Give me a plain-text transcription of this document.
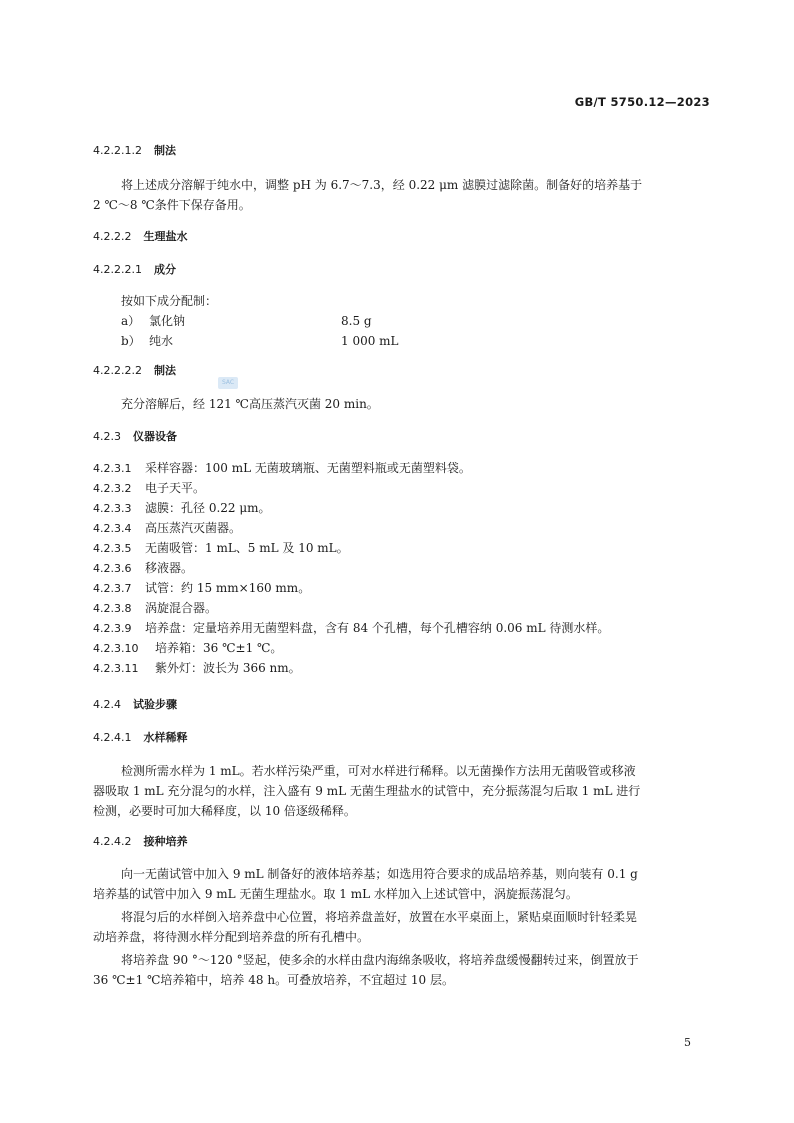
GB/T 5750.12—2023
4.2.2.1.2 制法
将上述成分溶解于纯水中，调整 pH 为 6.7～7.3，经 0.22 μm 滤膜过滤除菌。制备好的培养基于
2 ℃～8 ℃条件下保存备用。
4.2.2.2 生理盐水
4.2.2.2.1 成分
按如下成分配制：
a） 氯化钠	8.5 g
b） 纯水	1 000 mL
4.2.2.2.2 制法
SAC
充分溶解后，经 121 ℃高压蒸汽灭菌 20 min。
4.2.3 仪器设备
4.2.3.1 采样容器：100 mL 无菌玻璃瓶、无菌塑料瓶或无菌塑料袋。
4.2.3.2 电子天平。
4.2.3.3 滤膜：孔径 0.22 μm。
4.2.3.4 高压蒸汽灭菌器。
4.2.3.5 无菌吸管：1 mL、5 mL 及 10 mL。
4.2.3.6 移液器。
4.2.3.7 试管：约 15 mm×160 mm。
4.2.3.8 涡旋混合器。
4.2.3.9 培养盘：定量培养用无菌塑料盘，含有 84 个孔槽，每个孔槽容纳 0.06 mL 待测水样。
4.2.3.10 培养箱：36 ℃±1 ℃。
4.2.3.11 紫外灯：波长为 366 nm。
4.2.4 试验步骤
4.2.4.1 水样稀释
检测所需水样为 1 mL。若水样污染严重，可对水样进行稀释。以无菌操作方法用无菌吸管或移液
器吸取 1 mL 充分混匀的水样，注入盛有 9 mL 无菌生理盐水的试管中，充分振荡混匀后取 1 mL 进行
检测，必要时可加大稀释度，以 10 倍逐级稀释。
4.2.4.2 接种培养
向一无菌试管中加入 9 mL 制备好的液体培养基；如选用符合要求的成品培养基，则向装有 0.1 g
培养基的试管中加入 9 mL 无菌生理盐水。取 1 mL 水样加入上述试管中，涡旋振荡混匀。
将混匀后的水样倒入培养盘中心位置，将培养盘盖好，放置在水平桌面上，紧贴桌面顺时针轻柔晃
动培养盘，将待测水样分配到培养盘的所有孔槽中。
将培养盘 90 °～120 °竖起，使多余的水样由盘内海绵条吸收，将培养盘缓慢翻转过来，倒置放于
36 ℃±1 ℃培养箱中，培养 48 h。可叠放培养，不宜超过 10 层。
5
